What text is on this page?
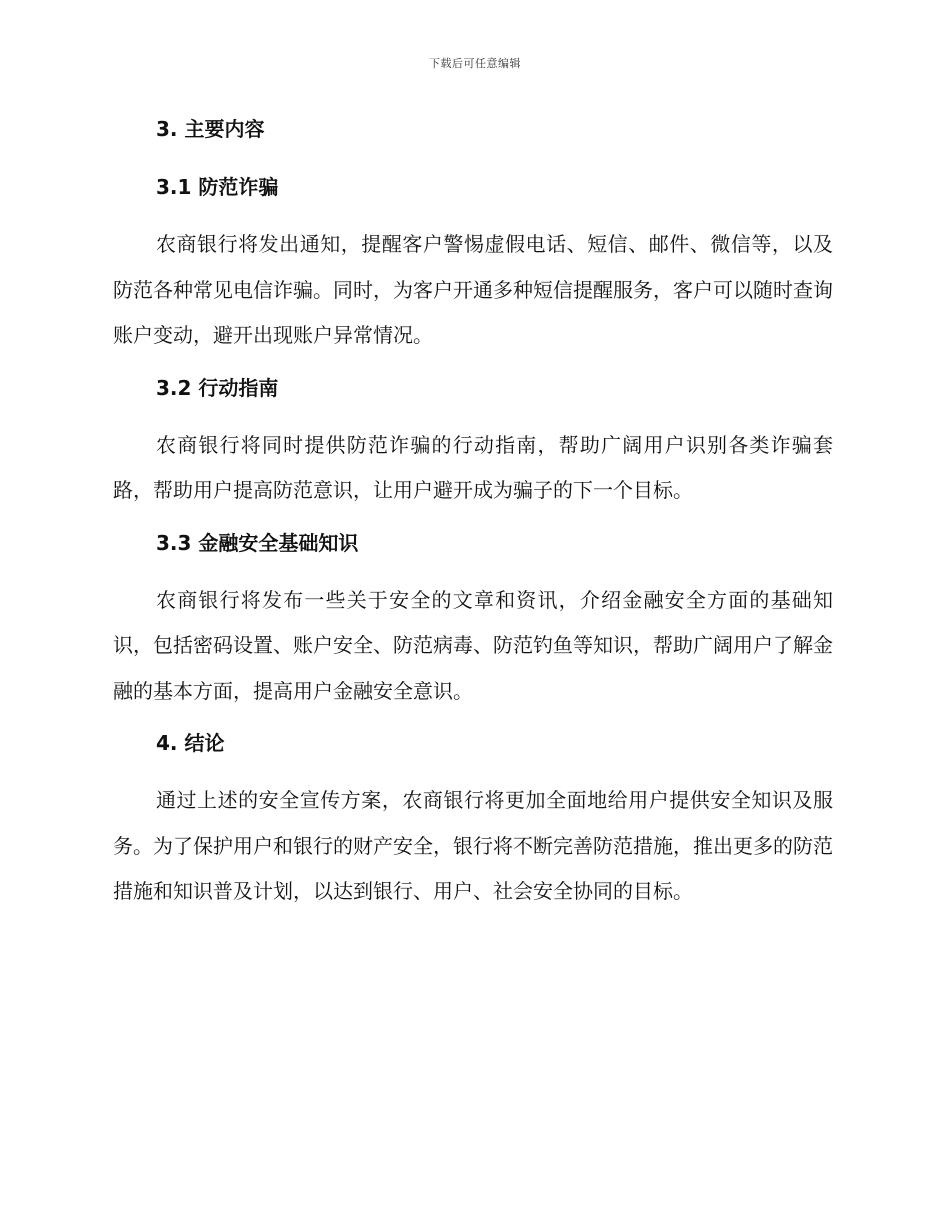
下载后可任意编辑
3. 主要内容
3.1 防范诈骗

农商银行将发出通知，提醒客户警惕虚假电话、短信、邮件、微信等，以及防范各种常见电信诈骗。同时，为客户开通多种短信提醒服务，客户可以随时查询账户变动，避开出现账户异常情况。

3.2 行动指南

农商银行将同时提供防范诈骗的行动指南，帮助广阔用户识别各类诈骗套路，帮助用户提高防范意识，让用户避开成为骗子的下一个目标。

3.3 金融安全基础知识

农商银行将发布一些关于安全的文章和资讯，介绍金融安全方面的基础知识，包括密码设置、账户安全、防范病毒、防范钓鱼等知识，帮助广阔用户了解金融的基本方面，提高用户金融安全意识。

4. 结论

通过上述的安全宣传方案，农商银行将更加全面地给用户提供安全知识及服务。为了保护用户和银行的财产安全，银行将不断完善防范措施，推出更多的防范措施和知识普及计划，以达到银行、用户、社会安全协同的目标。
